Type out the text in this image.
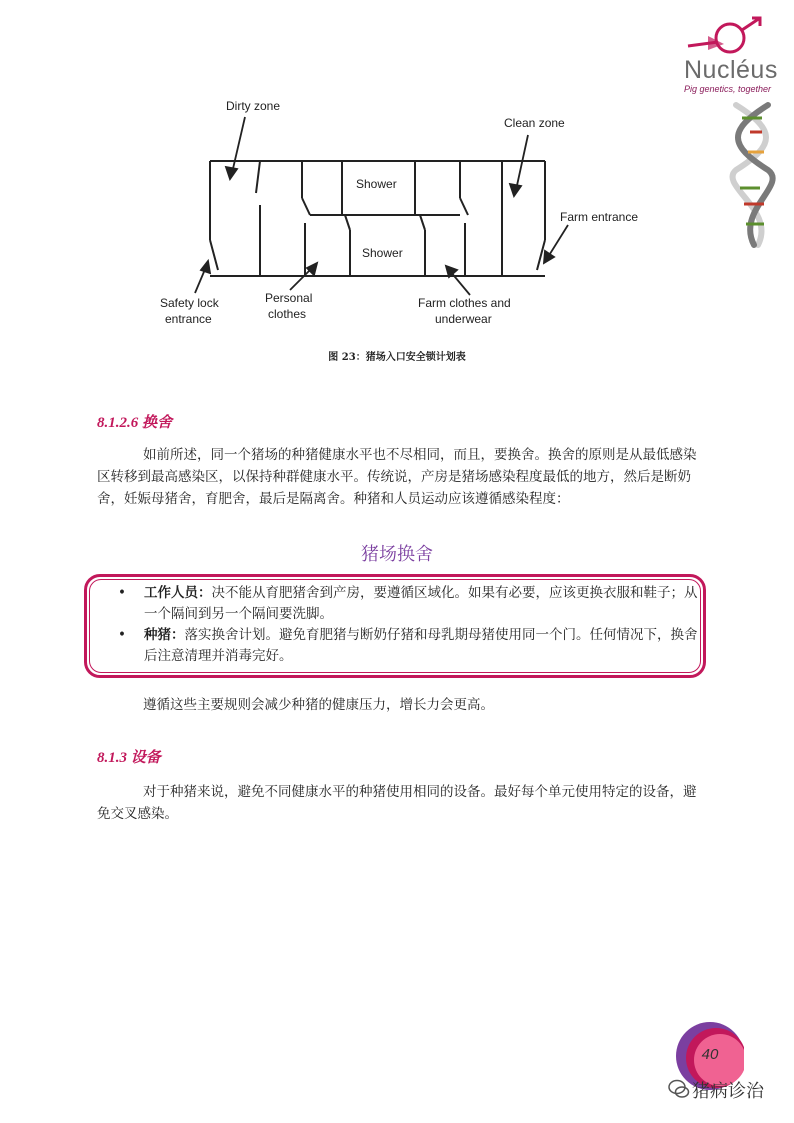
Nucléus
Pig genetics, together
Dirty zone
Clean zone
Farm entrance
Shower
Shower
Safety lock
entrance
Personal
clothes
Farm clothes and
underwear
图 23：猪场入口安全锁计划表
8.1.2.6 换舍
如前所述，同一个猪场的种猪健康水平也不尽相同，而且，要换舍。换舍的原则是从最低感染区转移到最高感染区，以保持种群健康水平。传统说，产房是猪场感染程度最低的地方，然后是断奶舍，妊娠母猪舍，育肥舍，最后是隔离舍。种猪和人员运动应该遵循感染程度：
猪场换舍
•	工作人员：决不能从育肥猪舍到产房，要遵循区域化。如果有必要，应该更换衣服和鞋子；从一个隔间到另一个隔间要洗脚。
•	种猪：落实换舍计划。避免育肥猪与断奶仔猪和母乳期母猪使用同一个门。任何情况下，换舍后注意清理并消毒完好。
遵循这些主要规则会减少种猪的健康压力，增长力会更高。
8.1.3 设备
对于种猪来说，避免不同健康水平的种猪使用相同的设备。最好每个单元使用特定的设备，避免交叉感染。
40
猪病诊治
